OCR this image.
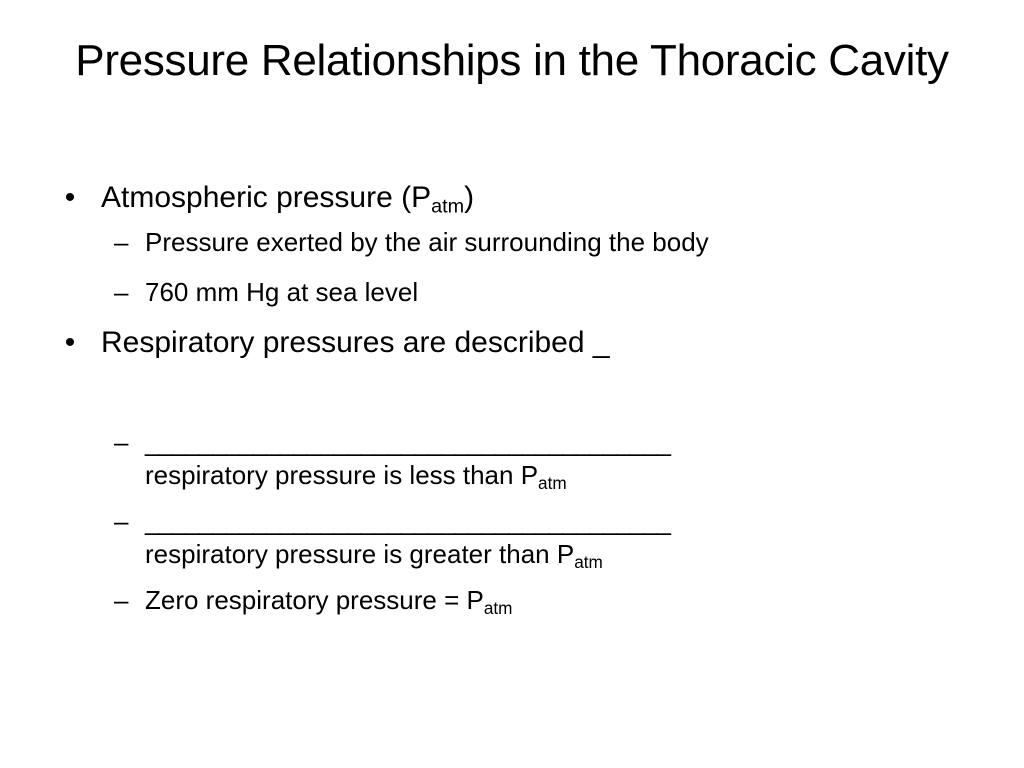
Pressure Relationships in the Thoracic Cavity
• Atmospheric pressure $(P_{atm})$
– Pressure exerted by the air surrounding the body
– 760 mm Hg at sea level
• Respiratory pressures are described _
– _______________________________________
respiratory pressure is less than $P_{atm}$
– _______________________________________
respiratory pressure is greater than $P_{atm}$
– Zero respiratory pressure = $P_{atm}$
